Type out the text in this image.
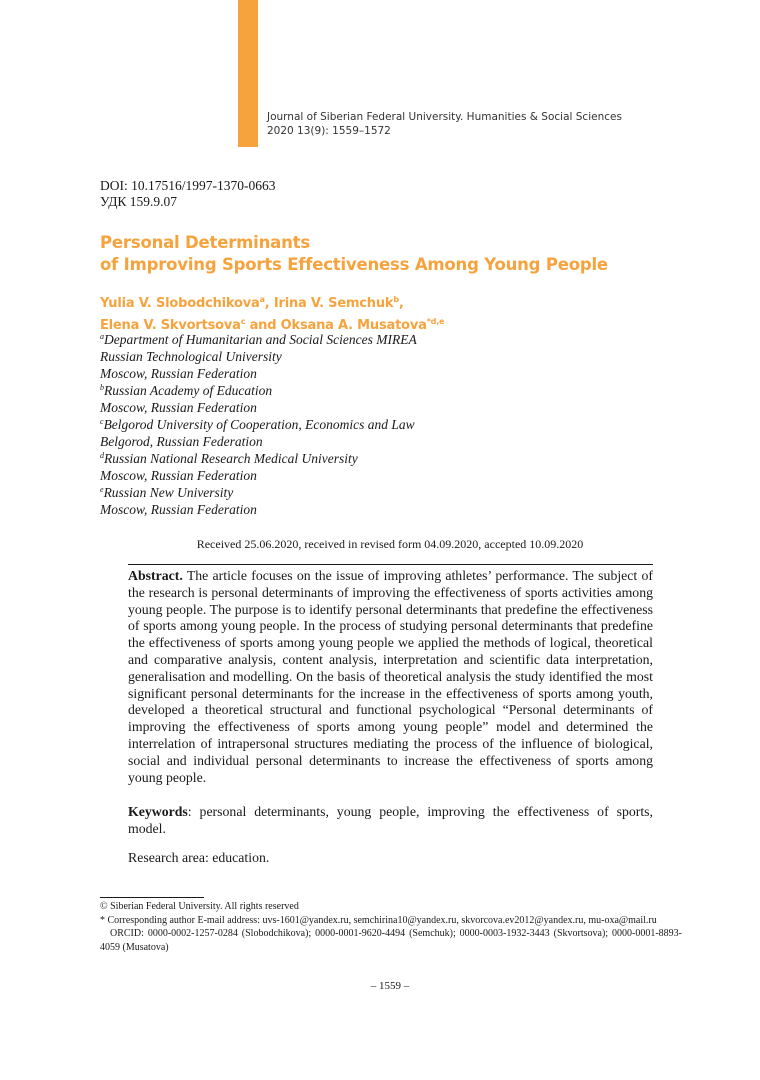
Journal of Siberian Federal University. Humanities & Social Sciences
2020 13(9): 1559–1572
DOI: 10.17516/1997-1370-0663
УДК 159.9.07
Personal Determinants
of Improving Sports Effectiveness Among Young People
Yulia V. Slobodchikova$^a$, Irina V. Semchuk$^b$,
Elena V. Skvortsova$^c$ and Oksana A. Musatova$^{*d,e}$
$^a$Department of Humanitarian and Social Sciences MIREA
Russian Technological University
Moscow, Russian Federation
$^b$Russian Academy of Education
Moscow, Russian Federation
$^c$Belgorod University of Cooperation, Economics and Law
Belgorod, Russian Federation
$^d$Russian National Research Medical University
Moscow, Russian Federation
$^e$Russian New University
Moscow, Russian Federation
Received 25.06.2020, received in revised form 04.09.2020, accepted 10.09.2020

Abstract. The article focuses on the issue of improving athletes’ performance. The subject of the research is personal determinants of improving the effectiveness of sports activities among young people. The purpose is to identify personal determinants that predefine the effectiveness of sports among young people. In the process of studying personal determinants that predefine the effectiveness of sports among young people we applied the methods of logical, theoretical and comparative analysis, content analysis, interpretation and scientific data interpretation, generalisation and modelling. On the basis of theoretical analysis the study identified the most significant personal determinants for the increase in the effectiveness of sports among youth, developed a theoretical structural and functional psychological “Personal determinants of improving the effectiveness of sports among young people” model and determined the interrelation of intrapersonal structures mediating the process of the influence of biological, social and individual personal determinants to increase the effectiveness of sports among young people.

Keywords: personal determinants, young people, improving the effectiveness of sports, model.

Research area: education.

© Siberian Federal University. All rights reserved

* Corresponding author E-mail address: uvs-1601@yandex.ru, semchirina10@yandex.ru, skvorcova.ev2012@yandex.ru, mu-oxa@mail.ru

ORCID: 0000-0002-1257-0284 (Slobodchikova); 0000-0001-9620-4494 (Semchuk); 0000-0003-1932-3443 (Skvortsova); 0000-0001-8893-4059 (Musatova)

– 1559 –
